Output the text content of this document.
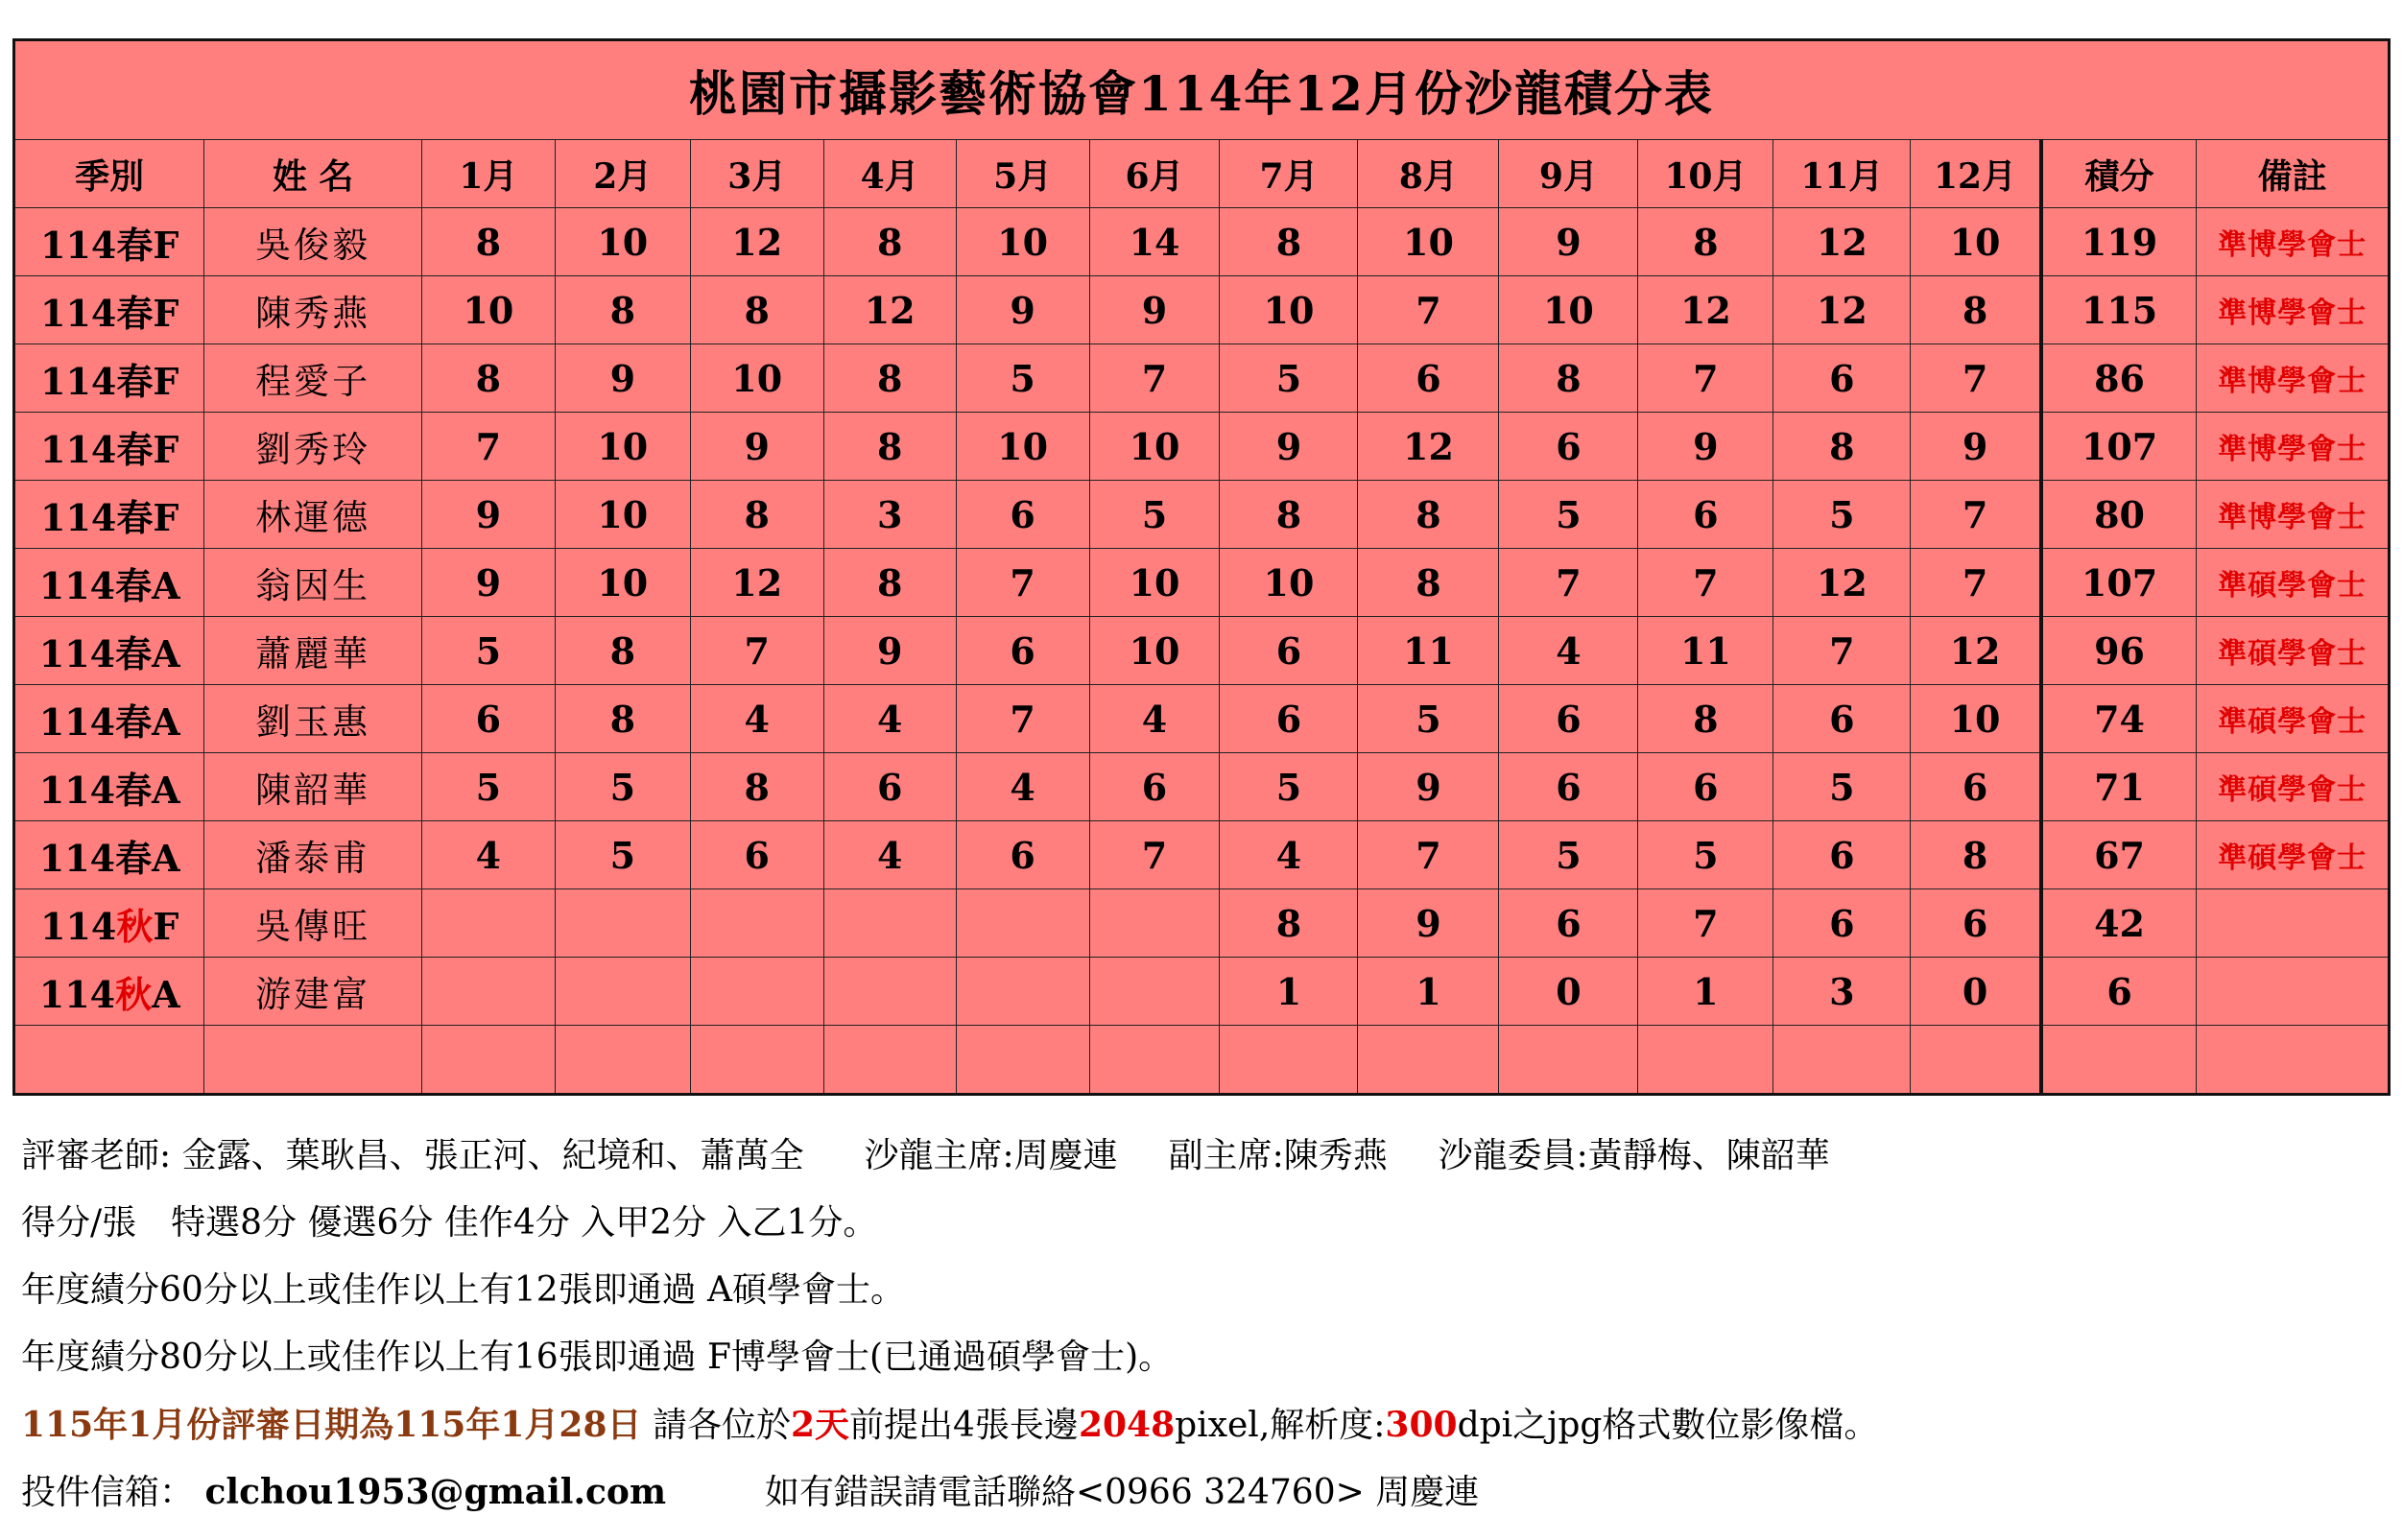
桃園市攝影藝術協會114年12月份沙龍積分表															
季別	姓 名	1月	2月	3月	4月	5月	6月	7月	8月	9月	10月	11月	12月	積分	備註
114春F	吳俊毅	8	10	12	8	10	14	8	10	9	8	12	10	119	準博學會士
114春F	陳秀燕	10	8	8	12	9	9	10	7	10	12	12	8	115	準博學會士
114春F	程愛子	8	9	10	8	5	7	5	6	8	7	6	7	86	準博學會士
114春F	劉秀玲	7	10	9	8	10	10	9	12	6	9	8	9	107	準博學會士
114春F	林運德	9	10	8	3	6	5	8	8	5	6	5	7	80	準博學會士
114春A	翁因生	9	10	12	8	7	10	10	8	7	7	12	7	107	準碩學會士
114春A	蕭麗華	5	8	7	9	6	10	6	11	4	11	7	12	96	準碩學會士
114春A	劉玉惠	6	8	4	4	7	4	6	5	6	8	6	10	74	準碩學會士
114春A	陳韶華	5	5	8	6	4	6	5	9	6	6	5	6	71	準碩學會士
114春A	潘泰甫	4	5	6	4	6	7	4	7	5	5	6	8	67	準碩學會士
114秋F	吳傳旺							8	9	6	7	6	6	42	
114秋A	游建富							1	1	0	1	3	0	6	

評審老師: 金露、葉耿昌、張正河、紀境和、蕭萬全 沙龍主席:周慶連 副主席:陳秀燕 沙龍委員:黃靜梅、陳韶華
得分/張　特選8分 優選6分 佳作4分 入甲2分 入乙1分。
年度績分60分以上或佳作以上有12張即通過 A碩學會士。
年度績分80分以上或佳作以上有16張即通過 F博學會士(已通過碩學會士)。
115年1月份評審日期為115年1月28日 請各位於2天前提出4張長邊2048pixel,解析度:300dpi之jpg格式數位影像檔。
投件信箱： clchou1953@gmail.com	如有錯誤請電話聯絡<0966 324760> 周慶連
